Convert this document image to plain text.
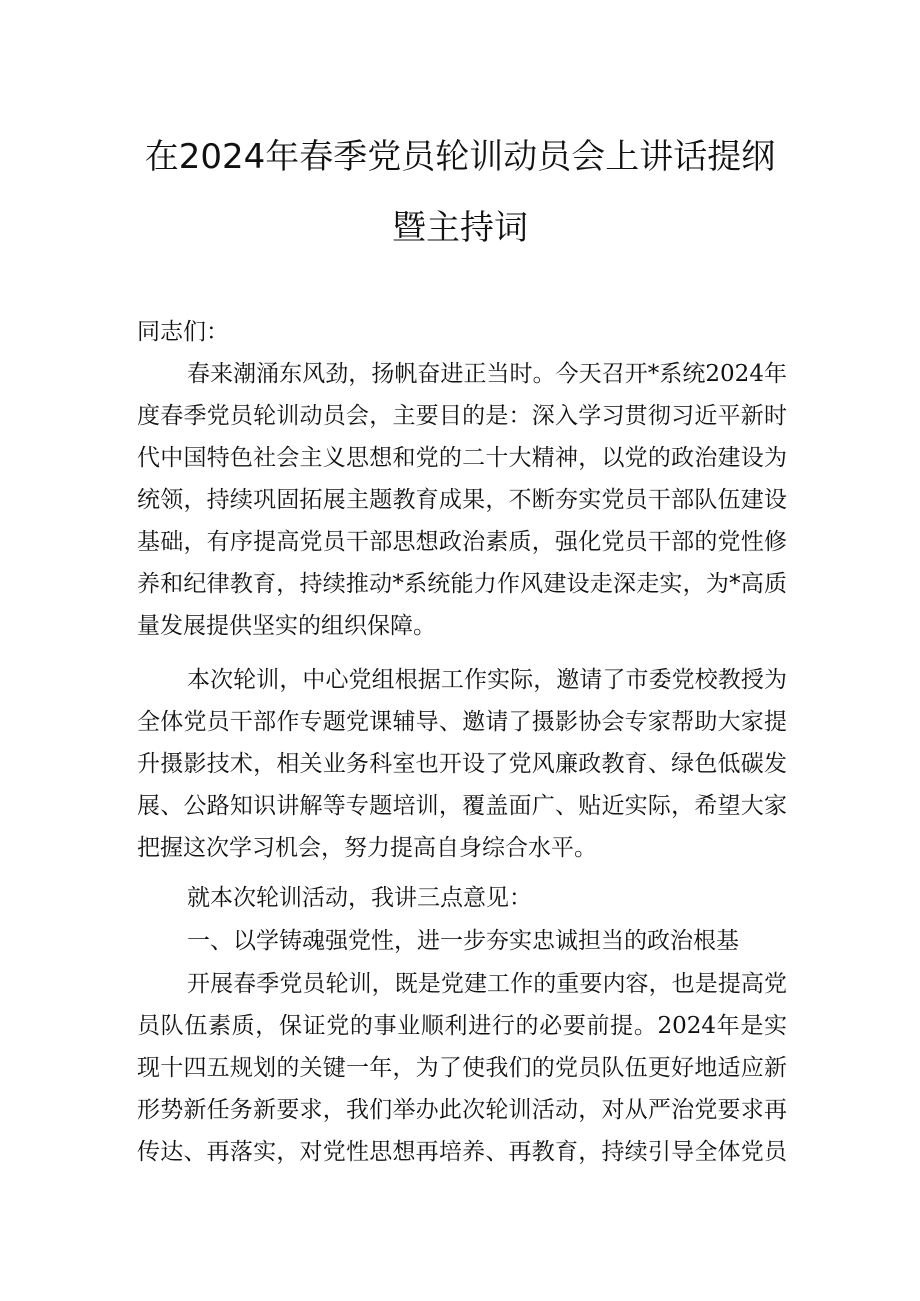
在2024年春季党员轮训动员会上讲话提纲
暨主持词
同志们：
春来潮涌东风劲，扬帆奋进正当时。今天召开*系统2024年
度春季党员轮训动员会，主要目的是：深入学习贯彻习近平新时
代中国特色社会主义思想和党的二十大精神，以党的政治建设为
统领，持续巩固拓展主题教育成果，不断夯实党员干部队伍建设
基础，有序提高党员干部思想政治素质，强化党员干部的党性修
养和纪律教育，持续推动*系统能力作风建设走深走实，为*高质
量发展提供坚实的组织保障。
本次轮训，中心党组根据工作实际，邀请了市委党校教授为
全体党员干部作专题党课辅导、邀请了摄影协会专家帮助大家提
升摄影技术，相关业务科室也开设了党风廉政教育、绿色低碳发
展、公路知识讲解等专题培训，覆盖面广、贴近实际，希望大家
把握这次学习机会，努力提高自身综合水平。
就本次轮训活动，我讲三点意见：
一、以学铸魂强党性，进一步夯实忠诚担当的政治根基
开展春季党员轮训，既是党建工作的重要内容，也是提高党
员队伍素质，保证党的事业顺利进行的必要前提。2024年是实
现十四五规划的关键一年，为了使我们的党员队伍更好地适应新
形势新任务新要求，我们举办此次轮训活动，对从严治党要求再
传达、再落实，对党性思想再培养、再教育，持续引导全体党员
